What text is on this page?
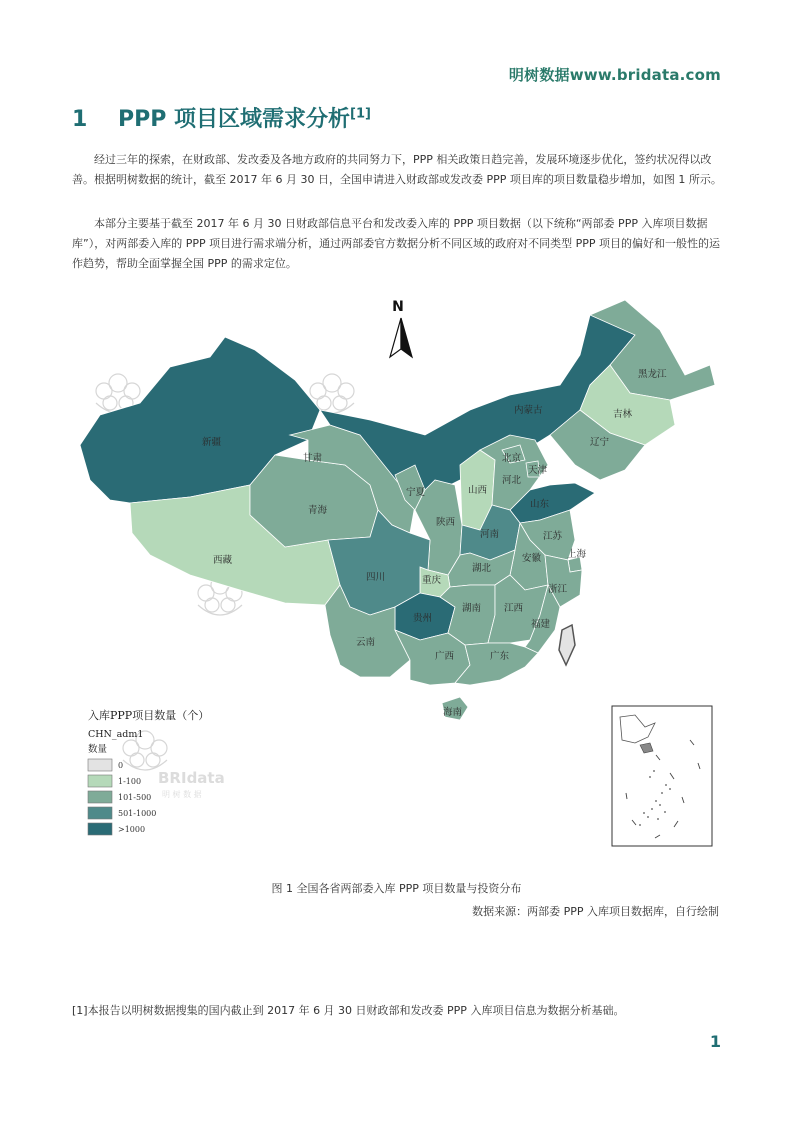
明树数据www.bridata.com
1 PPP 项目区域需求分析[1]

经过三年的探索，在财政部、发改委及各地方政府的共同努力下，PPP 相关政策日趋完善，发展环境逐步优化，签约状况得以改善。根据明树数据的统计，截至 2017 年 6 月 30 日，全国申请进入财政部或发改委 PPP 项目库的项目数量稳步增加，如图 1 所示。

本部分主要基于截至 2017 年 6 月 30 日财政部信息平台和发改委入库的 PPP 项目数据（以下统称“两部委 PPP 入库项目数据库”），对两部委入库的 PPP 项目进行需求端分析，通过两部委官方数据分析不同区域的政府对不同类型 PPP 项目的偏好和一般性的运作趋势，帮助全面掌握全国 PPP 的需求定位。

新疆
西藏
青海
甘肃
内蒙古
黑龙江
吉林
辽宁
北京
天津
河北
山西
宁夏
陕西
山东
河南	江苏
安徽	上海
湖北
四川	重庆
浙江
贵州
湖南 江西
福建
云南
广西	广东
海南
N
入库PPP项目数量（个）
CHN_adm1
数量
0
1-100
101-500
501-1000
>1000
BRIdata
明 树 数 据
图 1 全国各省两部委入库 PPP 项目数量与投资分布
数据来源：两部委 PPP 入库项目数据库，自行绘制
[1]本报告以明树数据搜集的国内截止到 2017 年 6 月 30 日财政部和发改委 PPP 入库项目信息为数据分析基础。
1
